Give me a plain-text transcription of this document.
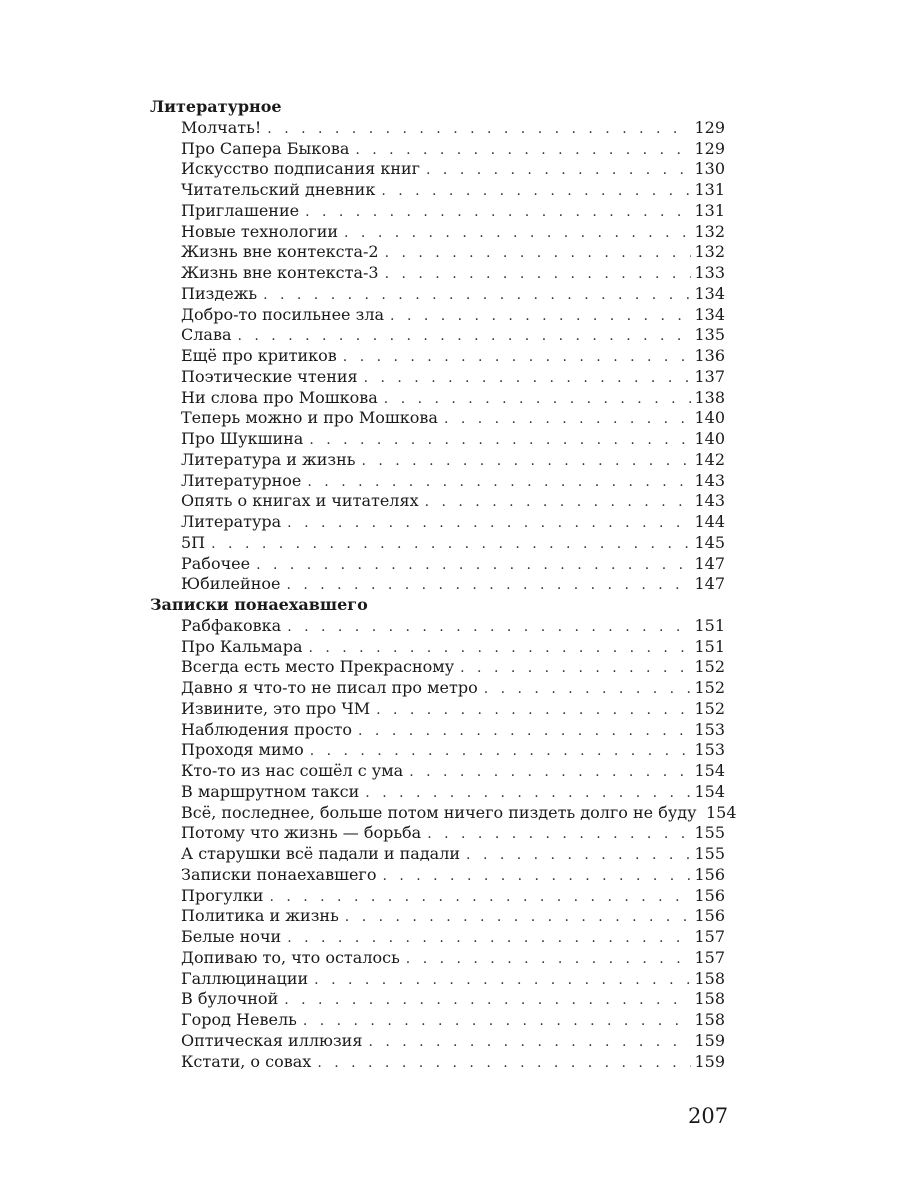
Литературное
Молчать! . . .	129
Про Сапера Быкова . . .	129
Искусство подписания книг . . .	130
Читательский дневник . . .	131
Приглашение . . .	131
Новые технологии . . .	132
Жизнь вне контекста-2 . . .	132
Жизнь вне контекста-3 . . .	133
Пиздежь . . .	134
Добро-то посильнее зла . . .	134
Слава . . .	135
Ещё про критиков . . .	136
Поэтические чтения . . .	137
Ни слова про Мошкова . . .	138
Теперь можно и про Мошкова . . .	140
Про Шукшина . . .	140
Литература и жизнь . . .	142
Литературное . . .	143
Опять о книгах и читателях . . .	143
Литература . . .	144
5П . . .	145
Рабочее . . .	147
Юбилейное . . .	147
Записки понаехавшего
Рабфаковка . . .	151
Про Кальмара . . .	151
Всегда есть место Прекрасному . . .	152
Давно я что-то не писал про метро . . .	152
Извините, это про ЧМ . . .	152
Наблюдения просто . . .	153
Проходя мимо . . .	153
Кто-то из нас сошёл с ума . . .	154
В маршрутном такси . . .	154
Всё, последнее, больше потом ничего пиздеть долго не буду 154
Потому что жизнь — борьба . . .	155
А старушки всё падали и падали . . .	155
Записки понаехавшего . . .	156
Прогулки . . .	156
Политика и жизнь . . .	156
Белые ночи . . .	157
Допиваю то, что осталось . . .	157
Галлюцинации . . .	158
В булочной . . .	158
Город Невель . . .	158
Оптическая иллюзия . . .	159
Кстати, о совах . . .	159
207
